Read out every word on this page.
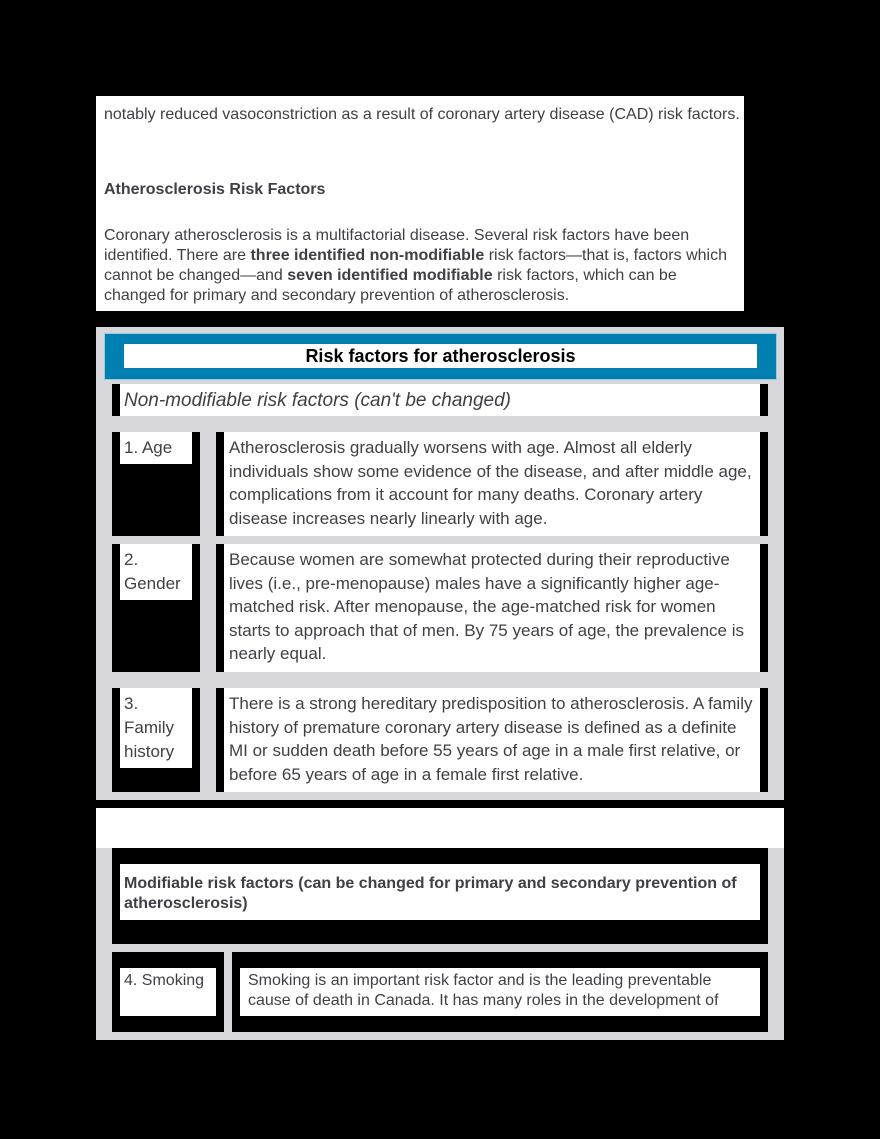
notably reduced vasoconstriction as a result of coronary artery disease (CAD) risk factors.

Atherosclerosis Risk Factors

Coronary atherosclerosis is a multifactorial disease. Several risk factors have been identified. There are three identified non-modifiable risk factors—that is, factors which cannot be changed—and seven identified modifiable risk factors, which can be changed for primary and secondary prevention of atherosclerosis.

Risk factors for atherosclerosis
Non-modifiable risk factors (can't be changed)
1. Age	Atherosclerosis gradually worsens with age. Almost all elderly individuals show some evidence of the disease, and after middle age, complications from it account for many deaths. Coronary artery disease increases nearly linearly with age.
2. Gender
Because women are somewhat protected during their reproductive lives (i.e., pre-menopause) males have a significantly higher age-matched risk. After menopause, the age-matched risk for women starts to approach that of men. By 75 years of age, the prevalence is nearly equal.
3. Family history
There is a strong hereditary predisposition to atherosclerosis. A family history of premature coronary artery disease is defined as a definite MI or sudden death before 55 years of age in a male first relative, or before 65 years of age in a female first relative.
Modifiable risk factors (can be changed for primary and secondary prevention of atherosclerosis)
4. Smoking	Smoking is an important risk factor and is the leading preventable cause of death in Canada. It has many roles in the development of
